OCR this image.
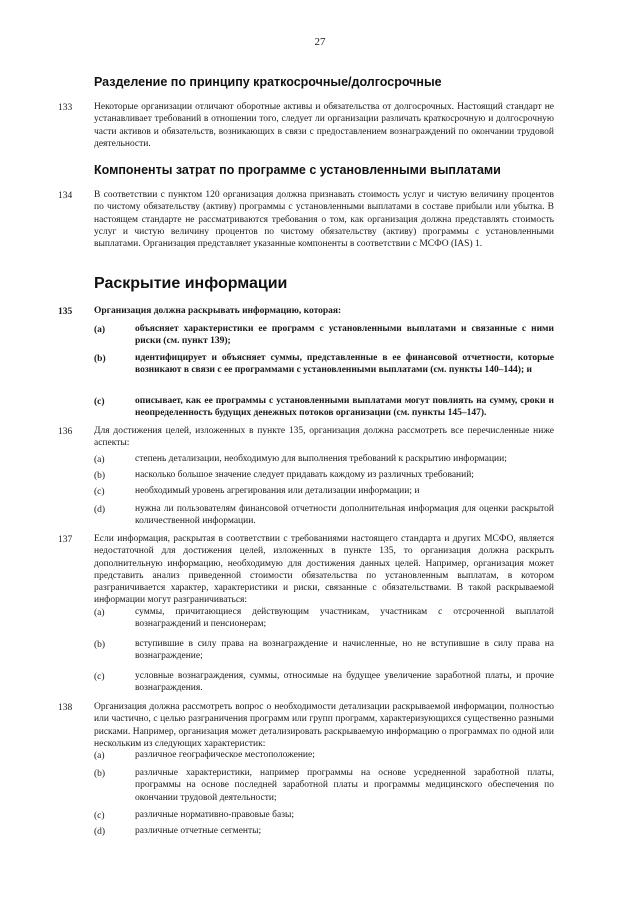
27
Разделение по принципу краткосрочные/долгосрочные
133 Некоторые организации отличают оборотные активы и обязательства от долгосрочных. Настоящий стандарт не устанавливает требований в отношении того, следует ли организации различать краткосрочную и долгосрочную части активов и обязательств, возникающих в связи с предоставлением вознаграждений по окончании трудовой деятельности.
Компоненты затрат по программе с установленными выплатами
134 В соответствии с пунктом 120 организация должна признавать стоимость услуг и чистую величину процентов по чистому обязательству (активу) программы с установленными выплатами в составе прибыли или убытка. В настоящем стандарте не рассматриваются требования о том, как организация должна представлять стоимость услуг и чистую величину процентов по чистому обязательству (активу) программы с установленными выплатами. Организация представляет указанные компоненты в соответствии с МСФО (IAS) 1.
Раскрытие информации
135 Организация должна раскрывать информацию, которая:
(a)	объясняет характеристики ее программ с установленными выплатами и связанные с ними риски (см. пункт 139);
(b)	идентифицирует и объясняет суммы, представленные в ее финансовой отчетности, которые возникают в связи с ее программами с установленными выплатами (см. пункты 140–144); и
(c)	описывает, как ее программы с установленными выплатами могут повлиять на сумму, сроки и неопределенность будущих денежных потоков организации (см. пункты 145–147).
136 Для достижения целей, изложенных в пункте 135, организация должна рассмотреть все перечисленные ниже аспекты:
(a)	степень детализации, необходимую для выполнения требований к раскрытию информации;
(b)	насколько большое значение следует придавать каждому из различных требований;
(c)	необходимый уровень агрегирования или детализации информации; и
(d)	нужна ли пользователям финансовой отчетности дополнительная информация для оценки раскрытой количественной информации.
137 Если информация, раскрытая в соответствии с требованиями настоящего стандарта и других МСФО, является недостаточной для достижения целей, изложенных в пункте 135, то организация должна раскрыть дополнительную информацию, необходимую для достижения данных целей. Например, организация может представить анализ приведенной стоимости обязательства по установленным выплатам, в котором разграничивается характер, характеристики и риски, связанные с обязательствами. В такой раскрываемой информации могут разграничиваться:
(a)	суммы, причитающиеся действующим участникам, участникам с отсроченной выплатой вознаграждений и пенсионерам;
(b)	вступившие в силу права на вознаграждение и начисленные, но не вступившие в силу права на вознаграждение;
(c)	условные вознаграждения, суммы, относимые на будущее увеличение заработной платы, и прочие вознаграждения.
138 Организация должна рассмотреть вопрос о необходимости детализации раскрываемой информации, полностью или частично, с целью разграничения программ или групп программ, характеризующихся существенно разными рисками. Например, организация может детализировать раскрываемую информацию о программах по одной или нескольким из следующих характеристик:
(a)	различное географическое местоположение;
(b)	различные характеристики, например программы на основе усредненной заработной платы, программы на основе последней заработной платы и программы медицинского обеспечения по окончании трудовой деятельности;
(c)	различные нормативно-правовые базы;
(d)	различные отчетные сегменты;
